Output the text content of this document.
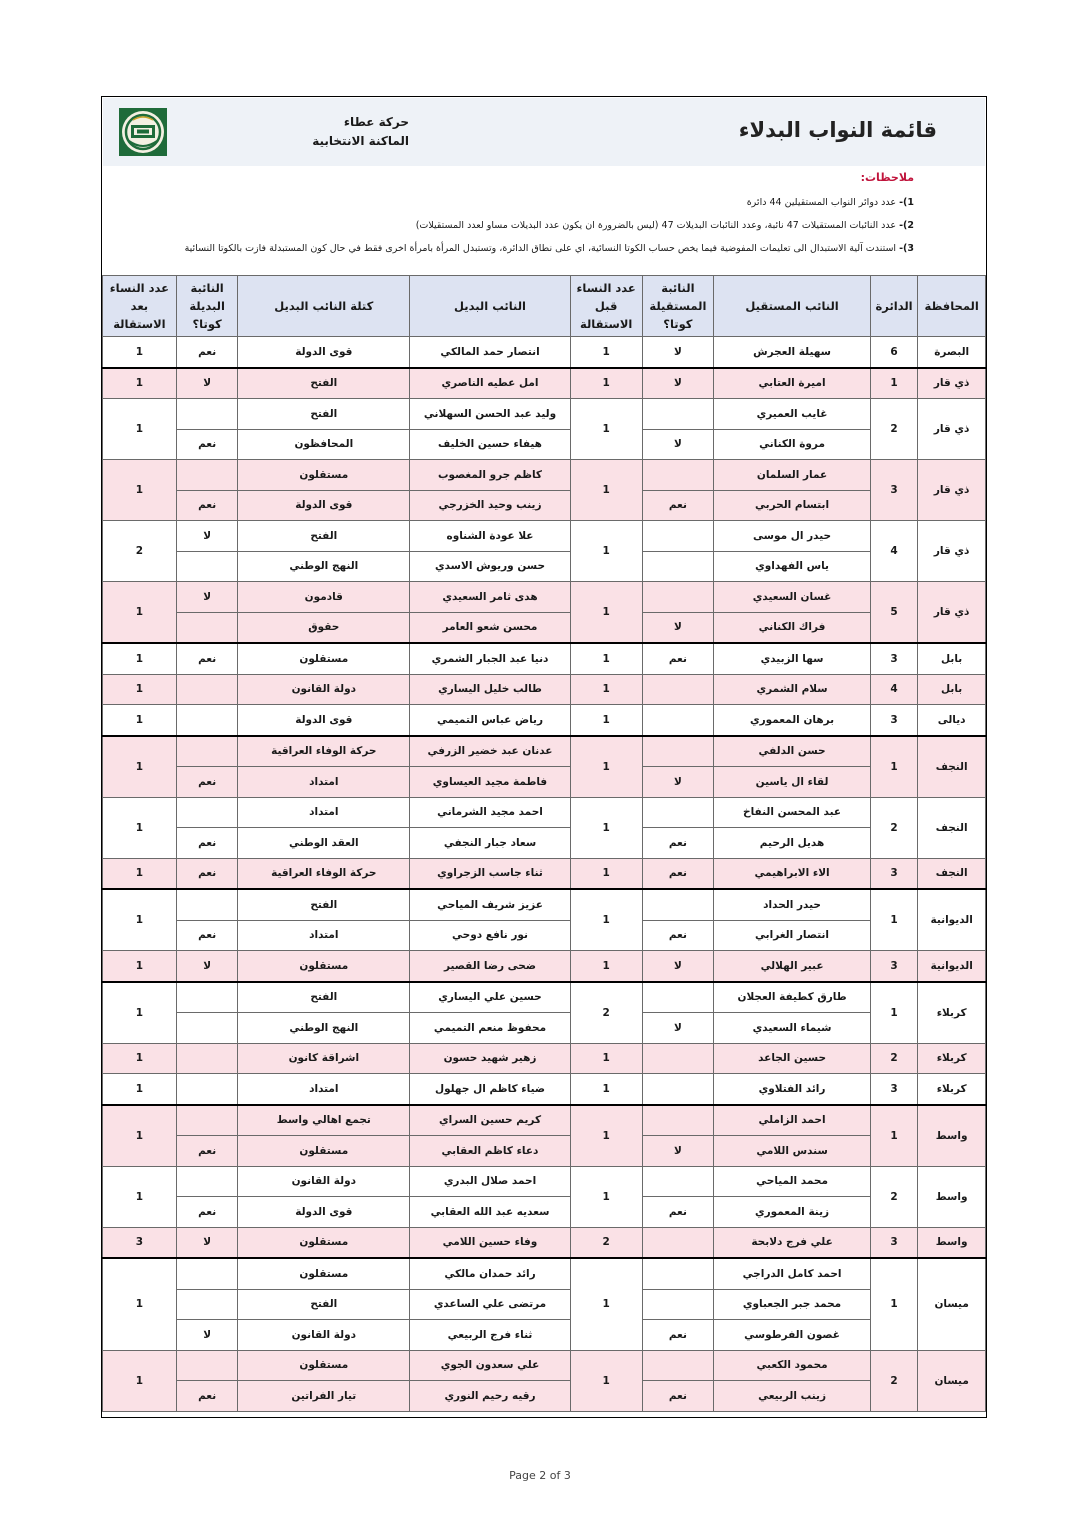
قائمة النواب البدلاء
حركة عطاء
الماكنة الانتخابية
ملاحظات:
1)- عدد دوائر النواب المستقيلين 44 دائرة
2)- عدد النائبات المستقيلات 47 نائبة، وعدد النائبات البديلات 47 (ليس بالضرورة ان يكون عدد البديلات مساو لعدد المستقيلات)
3)- استندت آلية الاستبدال الى تعليمات المفوضية فيما يخص حساب الكوتا النسائية، اي على نطاق الدائرة، وتستبدل المرأة بامرأة اخرى فقط في حال كون المستبدلة فازت بالكوتا النسائية
المحافظة	الدائرة	النائب المستقيل	النائبة المستقيلة كوتا؟	عدد النساء قبل الاستقالة	النائب البديل	كتلة النائب البديل	النائبة البديلة كوتا؟	عدد النساء بعد الاستقالة
البصرة	6	سهيلة العجرش	لا	1	انتصار حمد المالكي	قوى الدولة	نعم	1
ذي قار	1	اميرة العتابي	لا	1	امل عطيه الناصري	الفتح	لا	1
ذي قار	2	غايب العميري		1	وليد عبد الحسن السهلاني	الفتح		1
		مروة الكناني	لا		هيفاء حسين الخليف	المحافظون	نعم	
ذي قار	3	عمار السلمان		1	كاظم جرو المغصوب	مستقلون		1
		ابتسام الحربي	نعم		زينب وحيد الخزرجي	قوى الدولة	نعم	
ذي قار	4	حيدر ال موسى		1	علا عودة الشناوه	الفتح	لا	2
		ياس الفهداوي			حسن وريوش الاسدي	النهج الوطني		
ذي قار	5	غسان السعيدي		1	هدى ثامر السعيدي	قادمون	لا	1
		فراك الكناني	لا		محسن شعو العامر	حقوق		
بابل	3	سها الزبيدي	نعم	1	دنيا عبد الجبار الشمري	مستقلون	نعم	1
بابل	4	سلام الشمري		1	طالب خليل اليساري	دولة القانون		1
ديالى	3	برهان المعموري		1	رياض عباس التميمي	قوى الدولة		1
النجف	1	حسن الدلفي		1	عدنان عبد خضير الزرفي	حركة الوفاء العراقية		1
		لقاء ال ياسين	لا		فاطمة مجيد العيساوي	امتداد	نعم	
النجف	2	عبد المحسن النفاخ		1	احمد مجيد الشرماني	امتداد		1
		هديل الرحيم	نعم		سعاد جبار النجفي	العقد الوطني	نعم	
النجف	3	الاء الابراهيمي	نعم	1	ثناء جاسب الزجراوي	حركة الوفاء العراقية	نعم	1
الديوانية	1	حيدر الحداد		1	عزيز شريف المياحي	الفتح		1
		انتصار الغرابي	نعم		نور نافع دوحي	امتداد	نعم	
الديوانية	3	عبير الهلالي	لا	1	ضحى رضا القصير	مستقلون	لا	1
كربلاء	1	طارق كطيفة العجلان		2	حسين علي اليساري	الفتح		1
		شيماء السعيدي	لا		محفوظ منعم التميمي	النهج الوطني		
كربلاء	2	حسين الجاعد		1	زهير شهيد حسون	اشراقة كانون		1
كربلاء	3	رائد الفتلاوي		1	ضياء كاظم ال جهلول	امتداد		1
واسط	1	احمد الزاملي		1	كريم حسين السراي	تجمع اهالي واسط		1
		سندس اللامي	لا		دعاء كاظم العقابي	مستقلون	نعم	
واسط	2	محمد المياحي		1	احمد صلال البدري	دولة القانون		1
		زينة المعموري	نعم		سعديه عبد الله العقابي	قوى الدولة	نعم	
واسط	3	علي فرج دلابحة		2	وفاء حسين اللامي	مستقلون	لا	3
ميسان	1	احمد كامل الدراجي		1	رائد حمدان مالكي	مستقلون		1
		محمد جبر الجعباوي			مرتضى علي الساعدي	الفتح		
		غصون الفرطوسي	نعم		ثناء فرج الربيعي	دولة القانون	لا	
ميسان	2	محمود الكعبي		1	علي سعدون الجوي	مستقلون		1
		زينب الربيعي	نعم		رقيه رحيم النوري	تيار الفراتين	نعم	
Page 2 of 3
